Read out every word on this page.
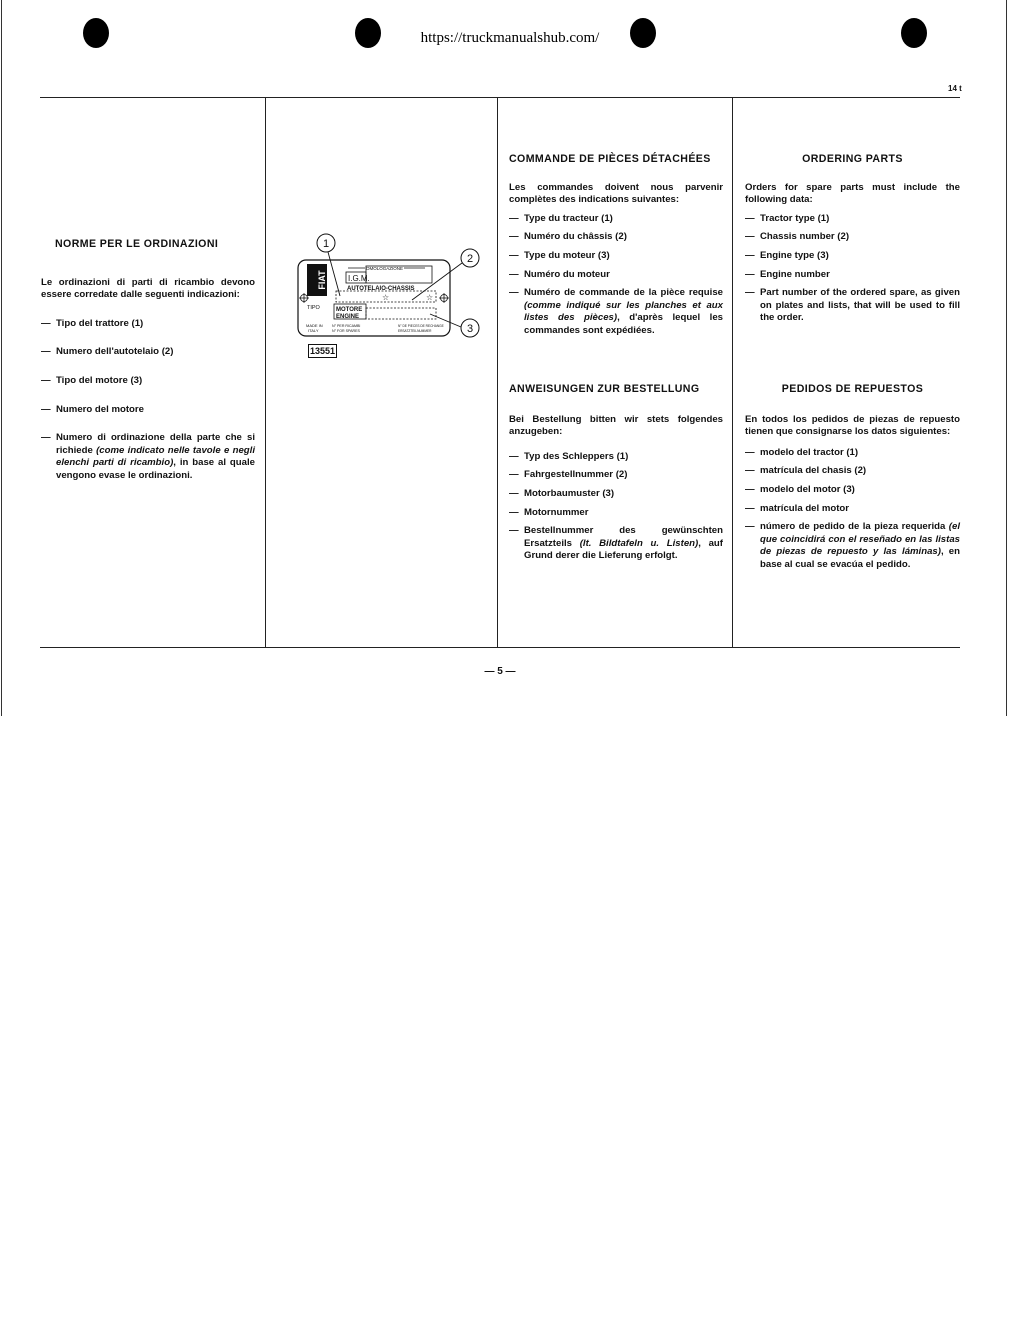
https://truckmanualshub.com/
14 t
NORME PER LE ORDINAZIONI

Le ordinazioni di parti di ricambio devono essere corredate dalle seguenti indicazioni:

— Tipo del trattore (1)
— Numero dell'autotelaio (2)
— Tipo del motore (3)
— Numero del motore
— Numero di ordinazione della parte che si richiede (come indicato nelle tavole e negli elenchi parti di ricambio), in base al quale vengono evase le ordinazioni.
FIAT
OMOLOGAZIONE
I.G.M.
AUTOTELAIO-CHASSIS
☆	☆
TIPO	MOTORE
ENGINE
MADE IN
ITALY
N° PER RICAMBI
N° FOR SPARES
N° DE PIECES DE RECHANGE
ERSATZTEILNUMMER
1
2
3
13551
COMMANDE DE PIÈCES DÉTACHÉES

Les commandes doivent nous parvenir complètes des indications suivantes:

— Type du tracteur (1)
— Numéro du châssis (2)
— Type du moteur (3)
— Numéro du moteur
— Numéro de commande de la pièce requise (comme indiqué sur les planches et aux listes des pièces), d'après lequel les commandes sont expédiées.
ANWEISUNGEN ZUR BESTELLUNG

Bei Bestellung bitten wir stets folgendes anzugeben:

— Typ des Schleppers (1)
— Fahrgestellnummer (2)
— Motorbaumuster (3)
— Motornummer
— Bestellnummer des gewünschten Ersatzteils (lt. Bildtafeln u. Listen), auf Grund derer die Lieferung erfolgt.
ORDERING PARTS

Orders for spare parts must include the following data:

— Tractor type (1)
— Chassis number (2)
— Engine type (3)
— Engine number
— Part number of the ordered spare, as given on plates and lists, that will be used to fill the order.
PEDIDOS DE REPUESTOS

En todos los pedidos de piezas de repuesto tienen que consignarse los datos siguientes:

— modelo del tractor (1)
— matrícula del chasis (2)
— modelo del motor (3)
— matrícula del motor
— número de pedido de la pieza requerida (el que coincidirá con el reseñado en las listas de piezas de repuesto y las láminas), en base al cual se evacúa el pedido.
— 5 —
